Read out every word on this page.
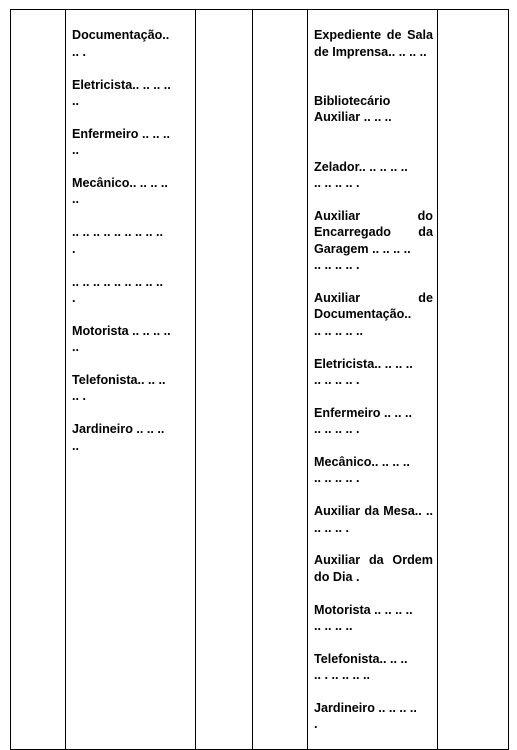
Documentação..
.. .

Eletricista.. .. .. ..
..

Enfermeiro .. .. ..
..

Mecânico.. .. .. ..
..

.. .. .. .. .. .. .. .. ..
.

.. .. .. .. .. .. .. .. ..
.

Motorista .. .. .. ..
..

Telefonista.. .. ..
.. .

Jardineiro .. .. ..
..

Expediente de Sala de Imprensa.. .. .. ..

Bibliotecário Auxiliar .. .. ..

Zelador.. .. .. .. ..
.. .. .. .. .

Auxiliar do Encarregado da Garagem .. .. .. ..
.. .. .. .. .

Auxiliar de Documentação..
.. .. .. .. ..

Eletricista.. .. .. ..
.. .. .. .. .

Enfermeiro .. .. ..
.. .. .. .. .

Mecânico.. .. .. ..
.. .. .. .. .

Auxiliar da Mesa.. .. .. .. .. .

Auxiliar da Ordem do Dia .

Motorista .. .. .. ..
.. .. .. ..

Telefonista.. .. ..
.. . .. .. .. ..

Jardineiro .. .. .. ..
.
